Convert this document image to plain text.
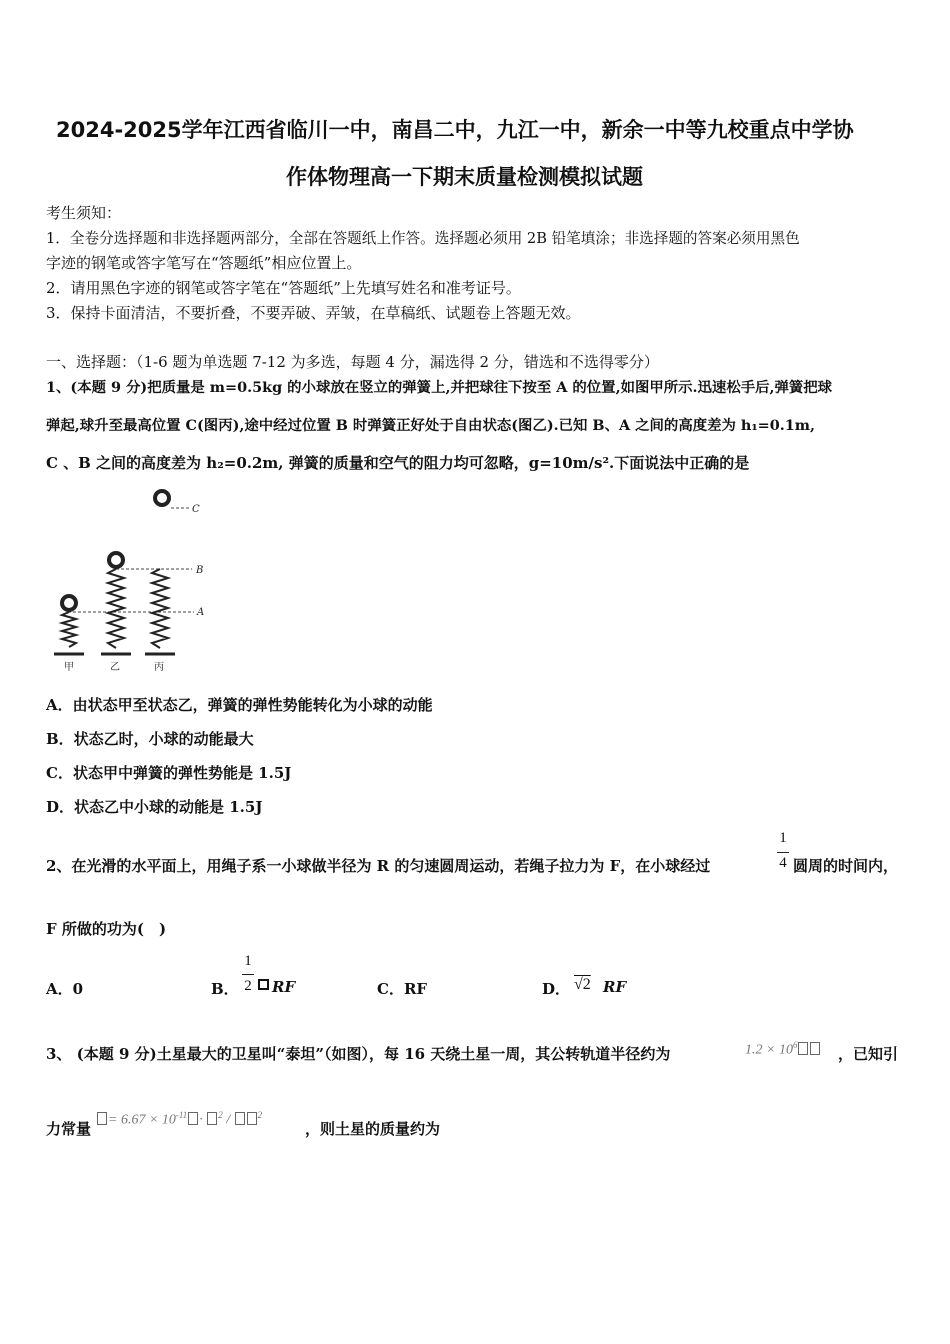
2024-2025学年江西省临川一中，南昌二中，九江一中，新余一中等九校重点中学协
作体物理高一下期末质量检测模拟试题
考生须知：
1．全卷分选择题和非选择题两部分，全部在答题纸上作答。选择题必须用 2B 铅笔填涂；非选择题的答案必须用黑色
字迹的钢笔或答字笔写在“答题纸”相应位置上。
2．请用黑色字迹的钢笔或答字笔在“答题纸”上先填写姓名和准考证号。
3．保持卡面清洁，不要折叠，不要弄破、弄皱，在草稿纸、试题卷上答题无效。
一、选择题：（1-6 题为单选题 7-12 为多选，每题 4 分，漏选得 2 分，错选和不选得零分）
1、(本题 9 分)把质量是 m=0.5kg 的小球放在竖立的弹簧上,并把球往下按至 A 的位置,如图甲所示.迅速松手后,弹簧把球
弹起,球升至最高位置 C(图丙),途中经过位置 B 时弹簧正好处于自由状态(图乙).已知 B、A 之间的高度差为 h₁=0.1m,
C 、B 之间的高度差为 h₂=0.2m, 弹簧的质量和空气的阻力均可忽略，g=10m/s².下面说法中正确的是
C
B
A
甲	乙	丙
A．由状态甲至状态乙，弹簧的弹性势能转化为小球的动能
B．状态乙时，小球的动能最大
C．状态甲中弹簧的弹性势能是 1.5J
D．状态乙中小球的动能是 1.5J
2、在光滑的水平面上，用绳子系一小球做半径为 R 的匀速圆周运动，若绳子拉力为 F，在小球经过
1
4 圆周的时间内，
F 所做的功为(　)
A．0	B．
1
2 RF	C．RF	D． √2 RF
3、 (本题 9 分)土星最大的卫星叫“泰坦”（如图），每 16 天绕土星一周，其公转轨道半径约为	$1.2 \times 10^6$	，已知引
力常量	= $6.67 \times 10^{-11} \cdot ^2$ /	$^2$
，则土星的质量约为
